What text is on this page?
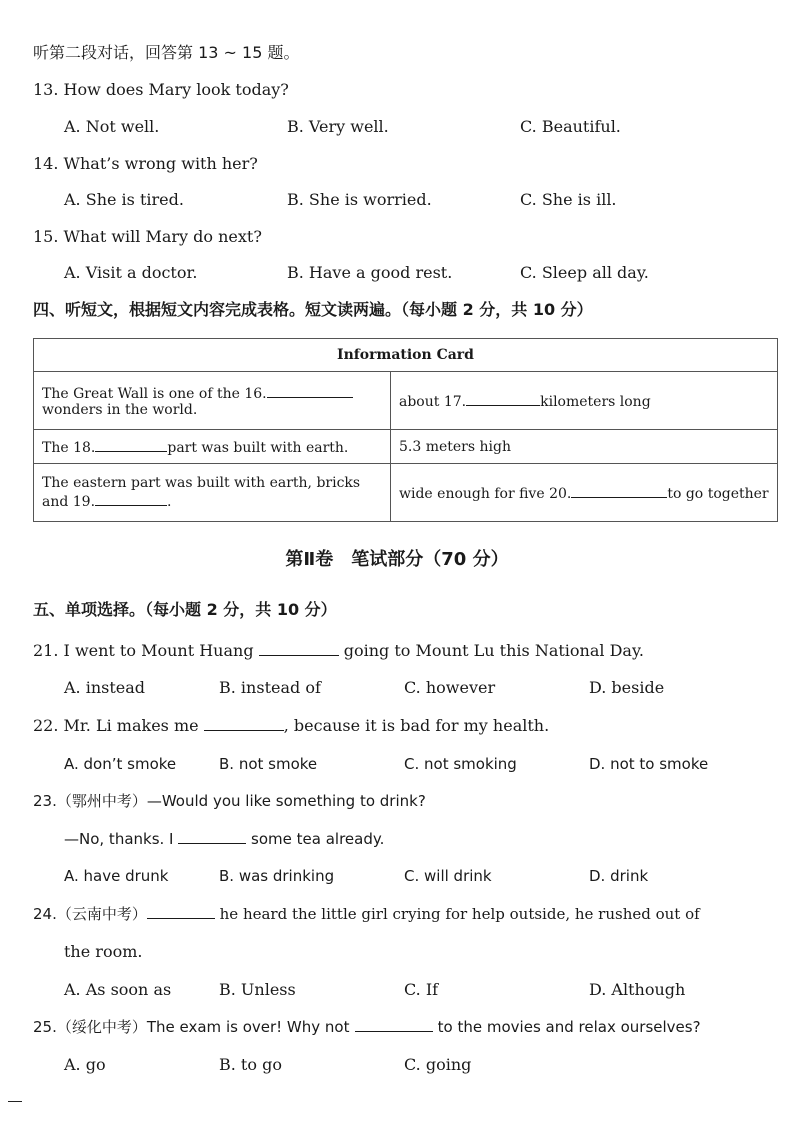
听第二段对话，回答第 13 ~ 15 题。
13. How does Mary look today?
A. Not well.	B. Very well.	C. Beautiful.
14. What’s wrong with her?
A. She is tired.	B. She is worried.	C. She is ill.
15. What will Mary do next?
A. Visit a doctor.	B. Have a good rest.	C. Sleep all day.
四、听短文，根据短文内容完成表格。短文读两遍。（每小题 2 分，共 10 分）
Information Card	
The Great Wall is one of the 16.
wonders in the world.	about 17. kilometers long
The 18. part was built with earth.	5.3 meters high
The eastern part was built with earth, bricks
and 19. .	wide enough for five 20. to go together
第Ⅱ卷　笔试部分（70 分）
五、单项选择。（每小题 2 分，共 10 分）
21. I went to Mount Huang	going to Mount Lu this National Day.
A. instead	B. instead of	C. however	D. beside
22. Mr. Li makes me	, because it is bad for my health.
A. don’t smoke	B. not smoke	C. not smoking	D. not to smoke
23.（鄂州中考）—Would you like something to drink?
—No, thanks. I	some tea already.
A. have drunk	B. was drinking	C. will drink	D. drink
24.（云南中考）	he heard the little girl crying for help outside, he rushed out of
the room.
A. As soon as	B. Unless	C. If	D. Although
25.（绥化中考）The exam is over! Why not	to the movies and relax ourselves?
A. go	B. to go	C. going
